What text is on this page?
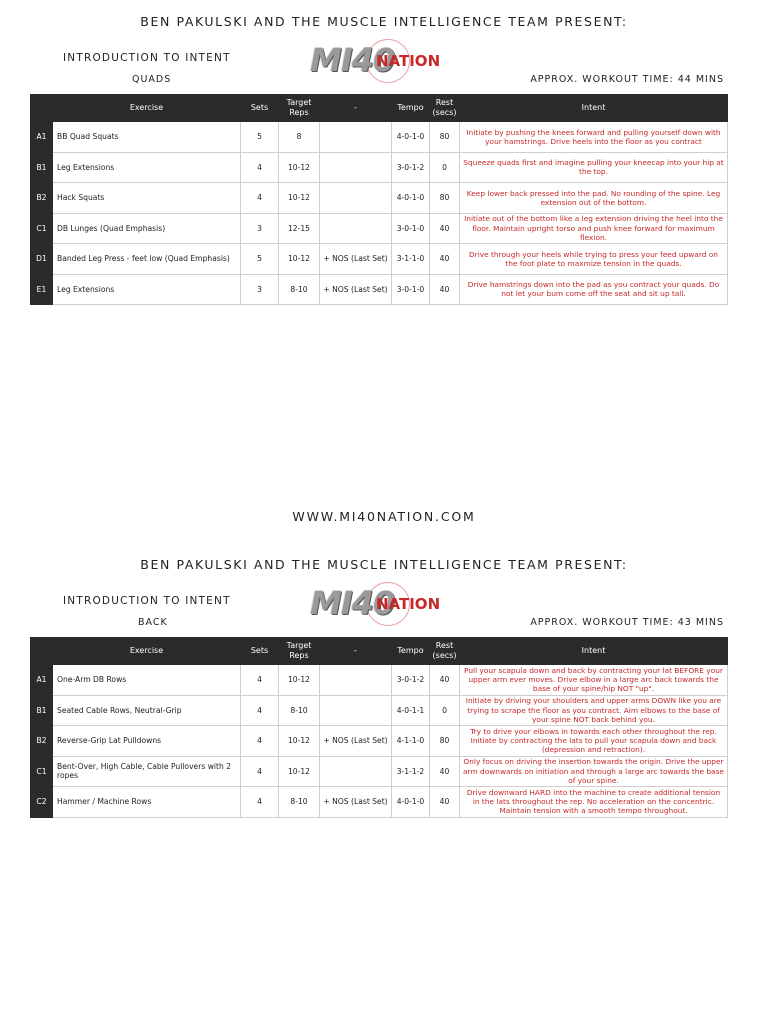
BEN PAKULSKI AND THE MUSCLE INTELLIGENCE TEAM PRESENT:
INTRODUCTION TO INTENT
QUADS	APPROX. WORKOUT TIME: 44 MINS
MI40
NATION
	Exercise	Sets	Target Reps	-	Tempo	Rest (secs)	Intent
A1	BB Quad Squats	5	8		4-0-1-0	80	Initiate by pushing the knees forward and pulling yourself down with your hamstrings. Drive heels into the floor as you contract
B1	Leg Extensions	4	10-12		3-0-1-2	0	Squeeze quads first and imagine pulling your kneecap into your hip at the top.
B2	Hack Squats	4	10-12		4-0-1-0	80	Keep lower back pressed into the pad. No rounding of the spine. Leg extension out of the bottom.
C1	DB Lunges (Quad Emphasis)	3	12-15		3-0-1-0	40	Initiate out of the bottom like a leg extension driving the heel into the floor. Maintain upright torso and push knee forward for maximum flexion.
D1	Banded Leg Press - feet low (Quad Emphasis)	5	10-12	+ NOS (Last Set)	3-1-1-0	40	Drive through your heels while trying to press your feed upward on the foot plate to maxmize tension in the quads.
E1	Leg Extensions	3	8-10	+ NOS (Last Set)	3-0-1-0	40	Drive hamstrings down into the pad as you contract your quads. Do not let your bum come off the seat and sit up tall.
WWW.MI40NATION.COM
BEN PAKULSKI AND THE MUSCLE INTELLIGENCE TEAM PRESENT:
INTRODUCTION TO INTENT
BACK	APPROX. WORKOUT TIME: 43 MINS
MI40
NATION
	Exercise	Sets	Target Reps	-	Tempo	Rest (secs)	Intent
A1	One-Arm DB Rows	4	10-12		3-0-1-2	40	Pull your scapula down and back by contracting your lat BEFORE your upper arm ever moves. Drive elbow in a large arc back towards the base of your spine/hip NOT "up".
B1	Seated Cable Rows, Neutral-Grip	4	8-10		4-0-1-1	0	Initiate by driving your shoulders and upper arms DOWN like you are trying to scrape the floor as you contract. Aim elbows to the base of your spine NOT back behind you.
B2	Reverse-Grip Lat Pulldowns	4	10-12	+ NOS (Last Set)	4-1-1-0	80	Try to drive your elbows in towards each other throughout the rep. Initiate by contracting the lats to pull your scapula down and back (depression and retraction).
C1	Bent-Over, High Cable, Cable Pullovers with 2 ropes	4	10-12		3-1-1-2	40	Only focus on driving the insertion towards the origin. Drive the upper arm downwards on initiation and through a large arc towards the base of your spine.
C2	Hammer / Machine Rows	4	8-10	+ NOS (Last Set)	4-0-1-0	40	Drive downward HARD into the machine to create additional tension in the lats throughout the rep. No acceleration on the concentric. Maintain tension with a smooth tempo throughout.
